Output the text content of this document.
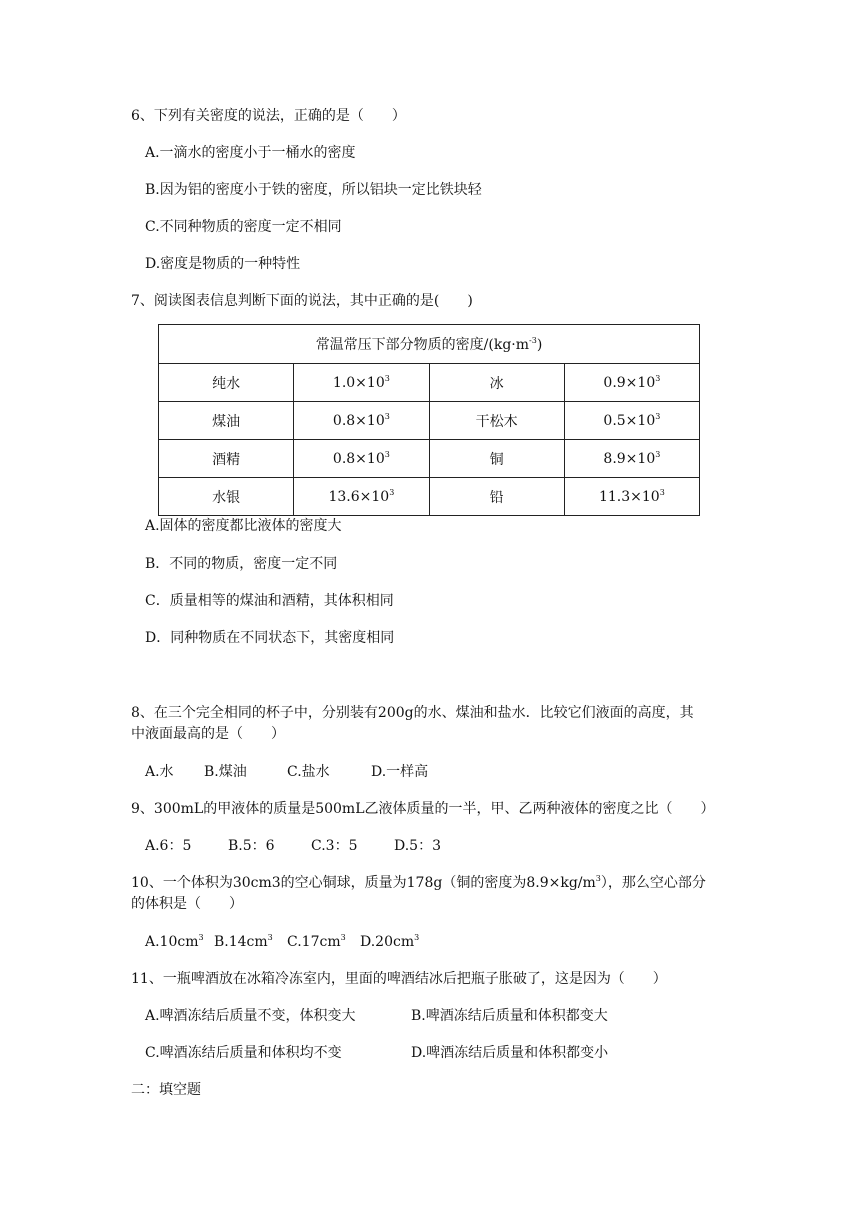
6、下列有关密度的说法，正确的是（　　）
A.一滴水的密度小于一桶水的密度
B.因为铝的密度小于铁的密度，所以铝块一定比铁块轻
C.不同种物质的密度一定不相同
D.密度是物质的一种特性
7、阅读图表信息判断下面的说法，其中正确的是(　　)
常温常压下部分物质的密度$/(kg\cdot m^{-3})$			
纯水	$1.0\times 10^3$	冰	$0.9\times 10^3$
煤油	$0.8\times 10^3$	干松木	$0.5\times 10^3$
酒精	$0.8\times 10^3$	铜	$8.9\times 10^3$
水银	$13.6\times 10^3$	铅	$11.3\times 10^3$
A.固体的密度都比液体的密度大
B．不同的物质，密度一定不同
C．质量相等的煤油和酒精，其体积相同
D．同种物质在不同状态下，其密度相同
8、在三个完全相同的杯子中，分别装有200g的水、煤油和盐水．比较它们液面的高度，其
中液面最高的是（　　）
A.水 B.煤油	C.盐水	D.一样高
9、300mL的甲液体的质量是500mL乙液体质量的一半，甲、乙两种液体的密度之比（　　）
A.6：5	B.5：6	C.3：5	D.5：3
10、一个体积为30cm3的空心铜球，质量为178g（铜的密度为$8.9\times kg/m^3$），那么空心部分
的体积是（　　）
$A.10cm^3$ $B.14cm^3$ $C.17cm^3$ $D.20cm^3$
11、一瓶啤酒放在冰箱冷冻室内，里面的啤酒结冰后把瓶子胀破了，这是因为（　　）
A.啤酒冻结后质量不变，体积变大	B.啤酒冻结后质量和体积都变大
C.啤酒冻结后质量和体积均不变	D.啤酒冻结后质量和体积都变小
二：填空题
